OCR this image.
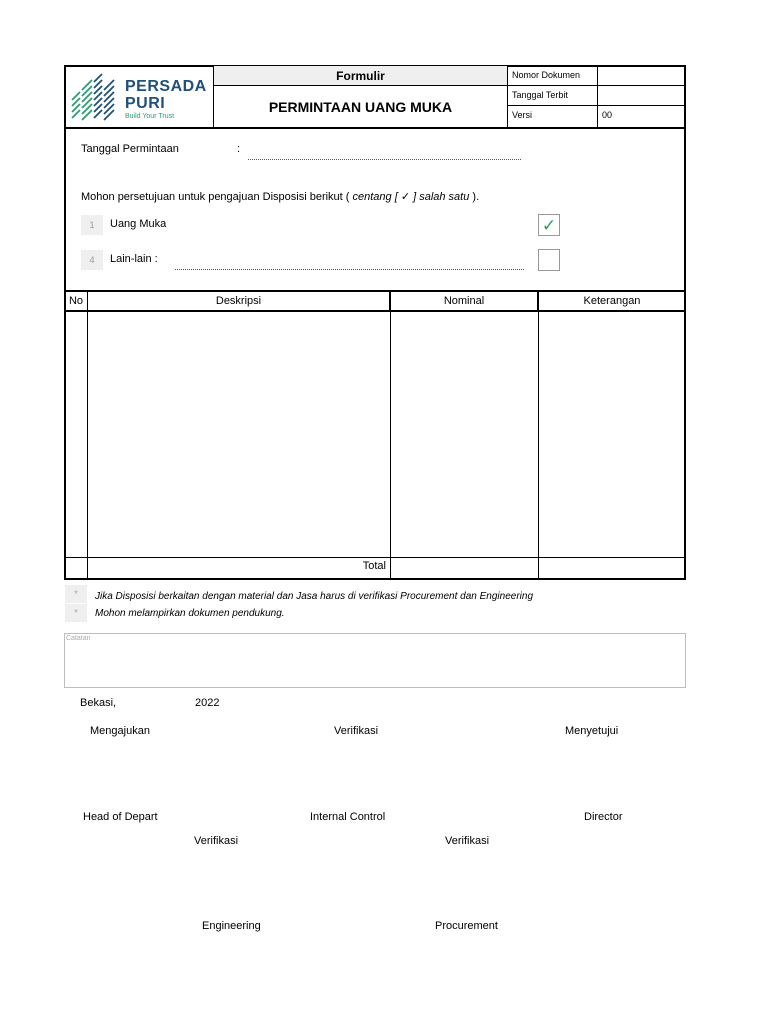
PERSADA
PURI
Build Your Trust
Formulir
PERMINTAAN UANG MUKA
Nomor Dokumen
Tanggal Terbit
Versi	00
Tanggal Permintaan	:
Mohon persetujuan untuk pengajuan Disposisi berikut ( centang [ ✓ ] salah satu ).
1	Uang Muka	✓
4	Lain-lain :
No	Deskripsi	Nominal	Keterangan
Total
*
*
Jika Disposisi berkaitan dengan material dan Jasa harus di verifikasi Procurement dan Engineering
Mohon melampirkan dokumen pendukung.
Catatan
Bekasi,	2022
Mengajukan	Verifikasi	Menyetujui
Head of Depart	Internal Control	Director
Verifikasi	Verifikasi
Engineering	Procurement
